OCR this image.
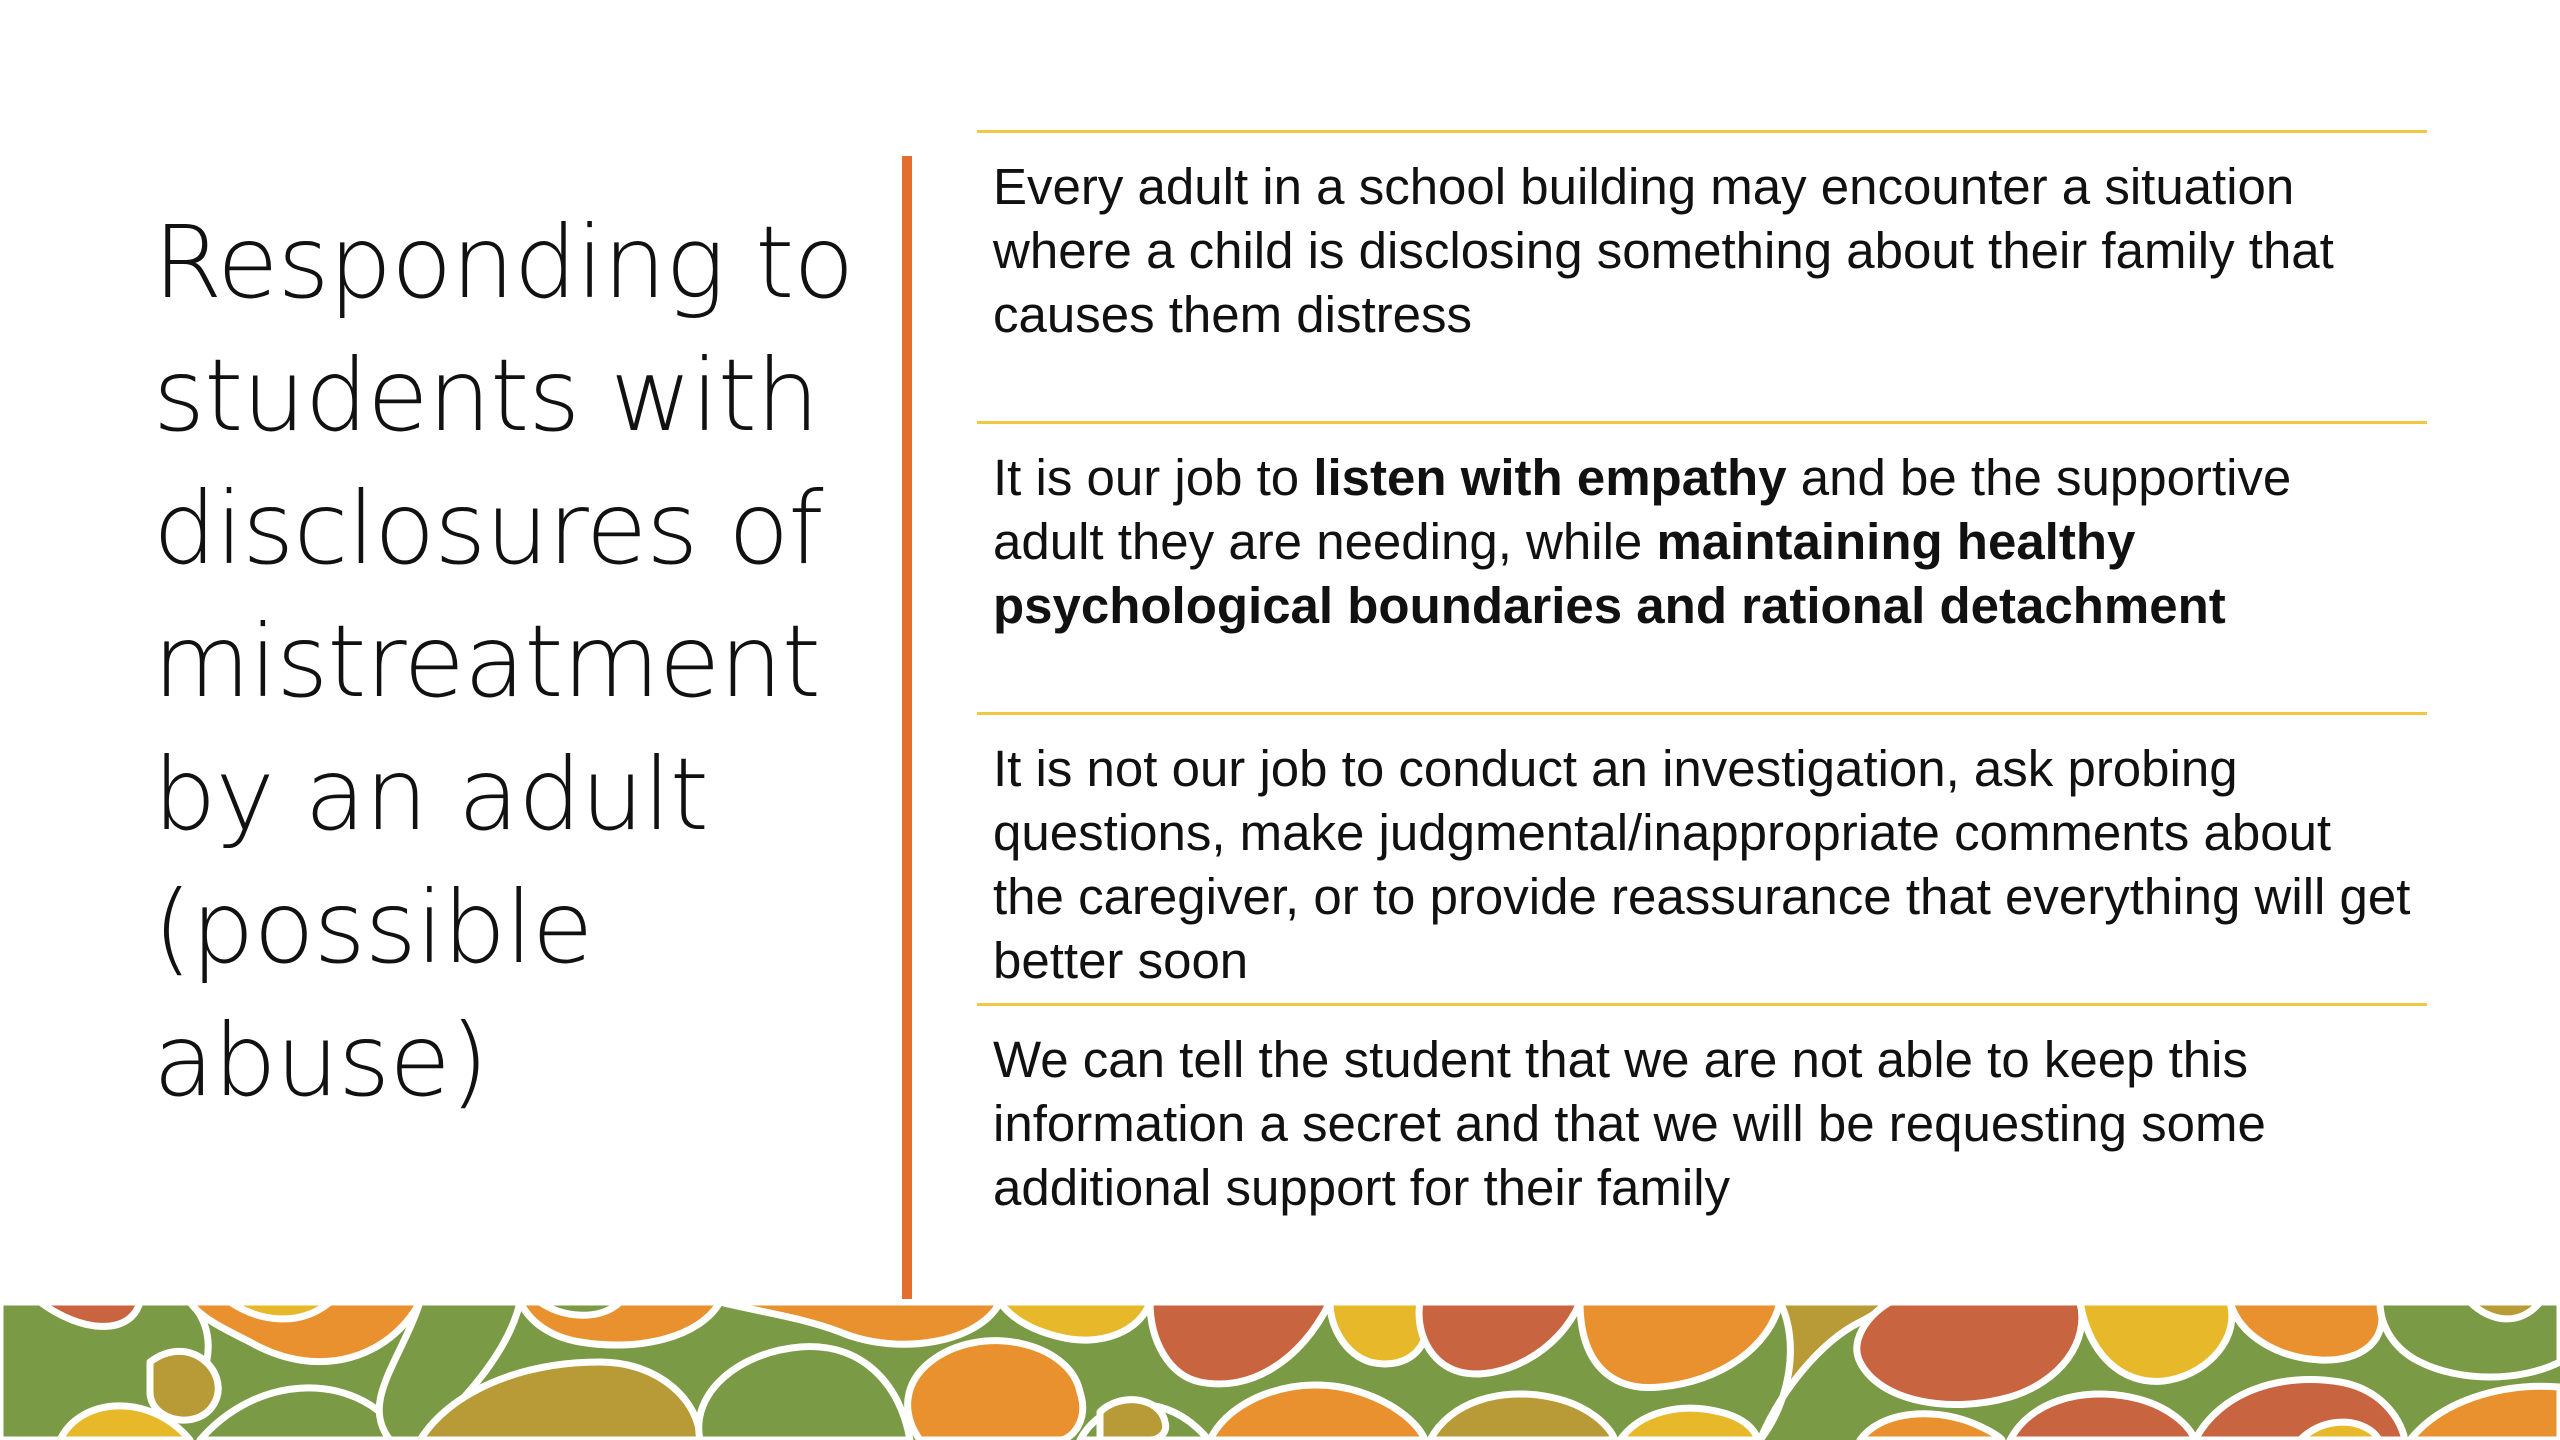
Responding to students with disclosures of mistreatment by an adult (possible abuse)

Every adult in a school building may encounter a situation where a child is disclosing something about their family that causes them distress

It is our job to listen with empathy and be the supportive adult they are needing, while maintaining healthy psychological boundaries and rational detachment

It is not our job to conduct an investigation, ask probing questions, make judgmental/inappropriate comments about the caregiver, or to provide reassurance that everything will get better soon

We can tell the student that we are not able to keep this information a secret and that we will be requesting some additional support for their family
